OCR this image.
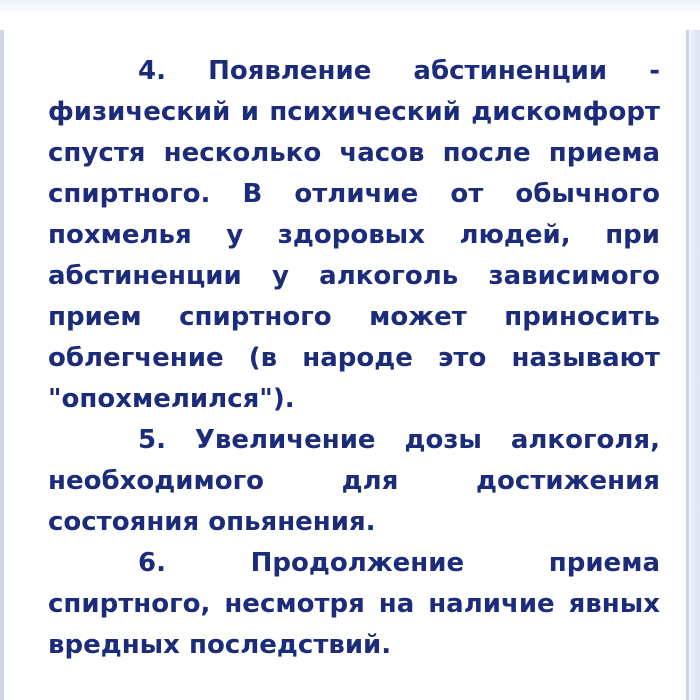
4. Появление абстиненции -
физический и психический дискомфорт
спустя несколько часов после приема
спиртного. В отличие от обычного
похмелья у здоровых людей, при
абстиненции у алкоголь зависимого
прием спиртного может приносить
облегчение (в народе это называют
"опохмелился").
5. Увеличение дозы алкоголя,
необходимого для достижения
состояния опьянения.
6. Продолжение приема
спиртного, несмотря на наличие явных
вредных последствий.
